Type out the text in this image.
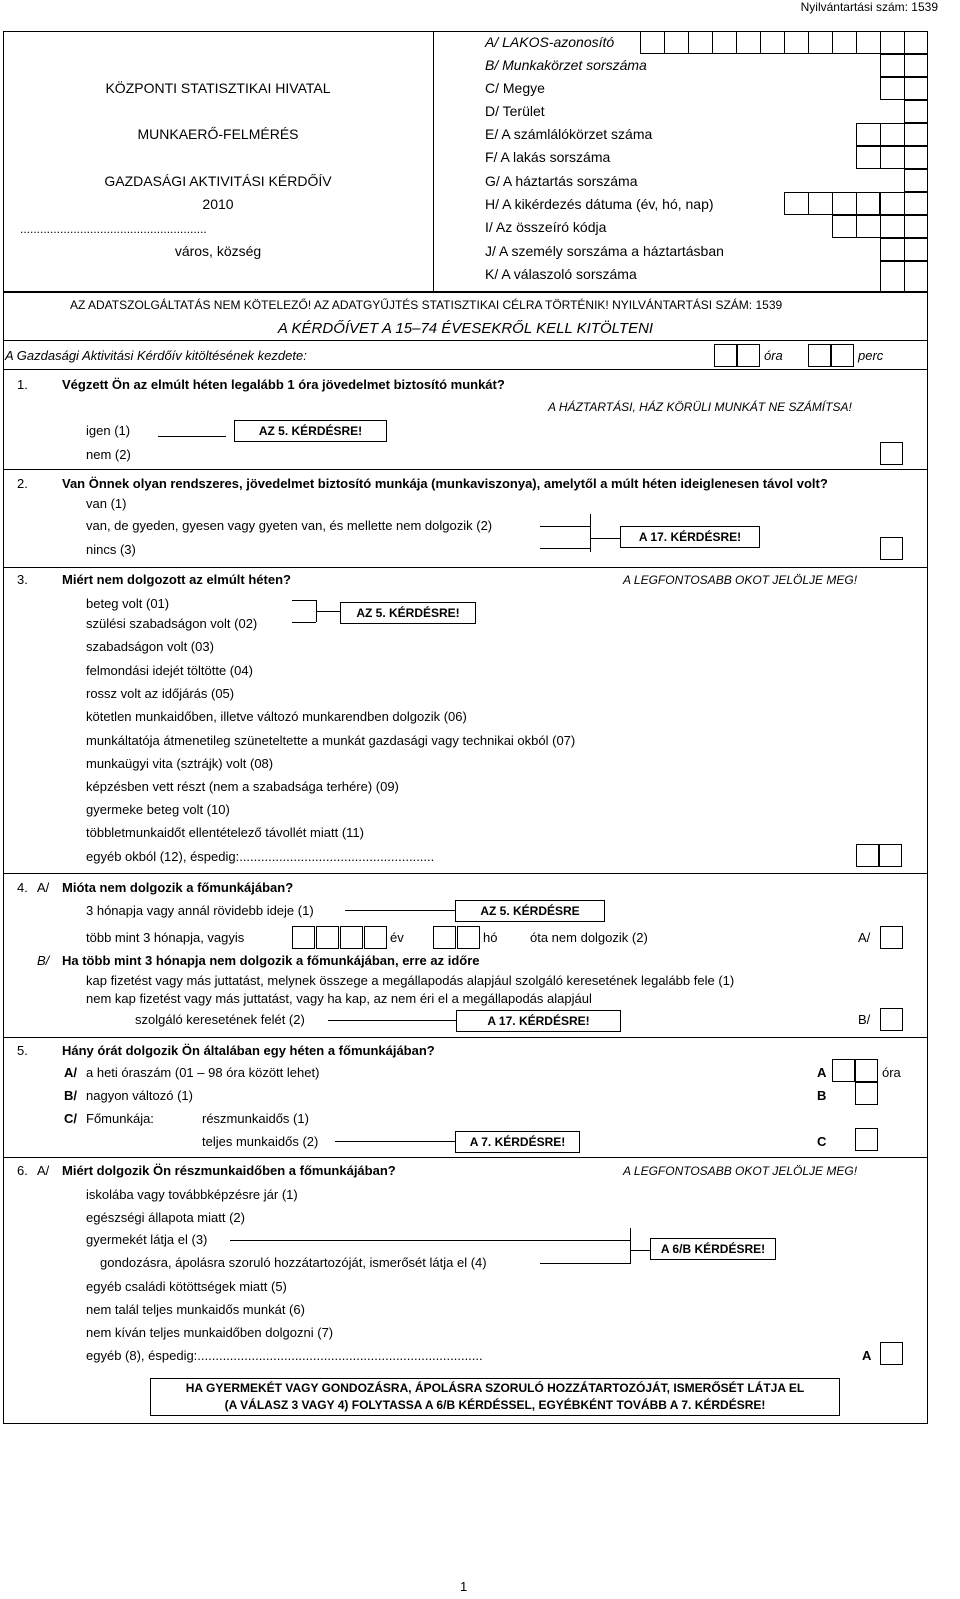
Nyilvántartási szám: 1539
KÖZPONTI STATISZTIKAI HIVATAL
MUNKAERŐ-FELMÉRÉS
GAZDASÁGI AKTIVITÁSI KÉRDŐÍV
2010
........................................................
város, község
A/ LAKOS-azonosító
B/ Munkakörzet sorszáma
C/ Megye
D/ Terület
E/ A számlálókörzet száma
F/ A lakás sorszáma
G/ A háztartás sorszáma
H/ A kikérdezés dátuma (év, hó, nap)
I/ Az összeíró kódja
J/ A személy sorszáma a háztartásban
K/ A válaszoló sorszáma
AZ ADATSZOLGÁLTATÁS NEM KÖTELEZŐ! AZ ADATGYŰJTÉS STATISZTIKAI CÉLRA TÖRTÉNIK! NYILVÁNTARTÁSI SZÁM: 1539
A KÉRDŐÍVET A 15–74 ÉVESEKRŐL KELL KITÖLTENI
A Gazdasági Aktivitási Kérdőív kitöltésének kezdete:	óra	perc
1.	Végzett Ön az elmúlt héten legalább 1 óra jövedelmet biztosító munkát?
A HÁZTARTÁSI, HÁZ KÖRÜLI MUNKÁT NE SZÁMÍTSA!
igen (1)	AZ 5. KÉRDÉSRE!
nem (2)
2.	Van Önnek olyan rendszeres, jövedelmet biztosító munkája (munkaviszonya), amelytől a múlt héten ideiglenesen távol volt?
van (1)
van, de gyeden, gyesen vagy gyeten van, és mellette nem dolgozik (2)
nincs (3)
A 17. KÉRDÉSRE!
3.	Miért nem dolgozott az elmúlt héten?	A LEGFONTOSABB OKOT JELÖLJE MEG!
beteg volt (01)
szülési szabadságon volt (02)
AZ 5. KÉRDÉSRE!
szabadságon volt (03)
felmondási idejét töltötte (04)
rossz volt az időjárás (05)
kötetlen munkaidőben, illetve változó munkarendben dolgozik (06)
munkáltatója átmenetileg szüneteltette a munkát gazdasági vagy technikai okból (07)
munkaügyi vita (sztrájk) volt (08)
képzésben vett részt (nem a szabadsága terhére) (09)
gyermeke beteg volt (10)
többletmunkaidőt ellentételező távollét miatt (11)
egyéb okból (12), éspedig:......................................................
4. A/ Mióta nem dolgozik a főmunkájában?
3 hónapja vagy annál rövidebb ideje (1)	AZ 5. KÉRDÉSRE
több mint 3 hónapja, vagyis	év	hó	óta nem dolgozik (2)	A/
B/ Ha több mint 3 hónapja nem dolgozik a főmunkájában, erre az időre
kap fizetést vagy más juttatást, melynek összege a megállapodás alapjául szolgáló keresetének legalább fele (1)
nem kap fizetést vagy más juttatást, vagy ha kap, az nem éri el a megállapodás alapjául
szolgáló keresetének felét (2)	A 17. KÉRDÉSRE!	B/
5.	Hány órát dolgozik Ön általában egy héten a főmunkájában?
A/ a heti óraszám (01 – 98 óra között lehet)	A	óra
B/ nagyon változó (1)	B
C/ Főmunkája:	részmunkaidős (1)
teljes munkaidős (2)	A 7. KÉRDÉSRE!	C
6. A/ Miért dolgozik Ön részmunkaidőben a főmunkájában?	A LEGFONTOSABB OKOT JELÖLJE MEG!
iskolába vagy továbbképzésre jár (1)
egészségi állapota miatt (2)
gyermekét látja el (3)
gondozásra, ápolásra szoruló hozzátartozóját, ismerősét látja el (4)
A 6/B KÉRDÉSRE!
egyéb családi kötöttségek miatt (5)
nem talál teljes munkaidős munkát (6)
nem kíván teljes munkaidőben dolgozni (7)
egyéb (8), éspedig:...............................................................................	A
HA GYERMEKÉT VAGY GONDOZÁSRA, ÁPOLÁSRA SZORULÓ HOZZÁTARTOZÓJÁT, ISMERŐSÉT LÁTJA EL
(A VÁLASZ 3 VAGY 4) FOLYTASSA A 6/B KÉRDÉSSEL, EGYÉBKÉNT TOVÁBB A 7. KÉRDÉSRE!
1
